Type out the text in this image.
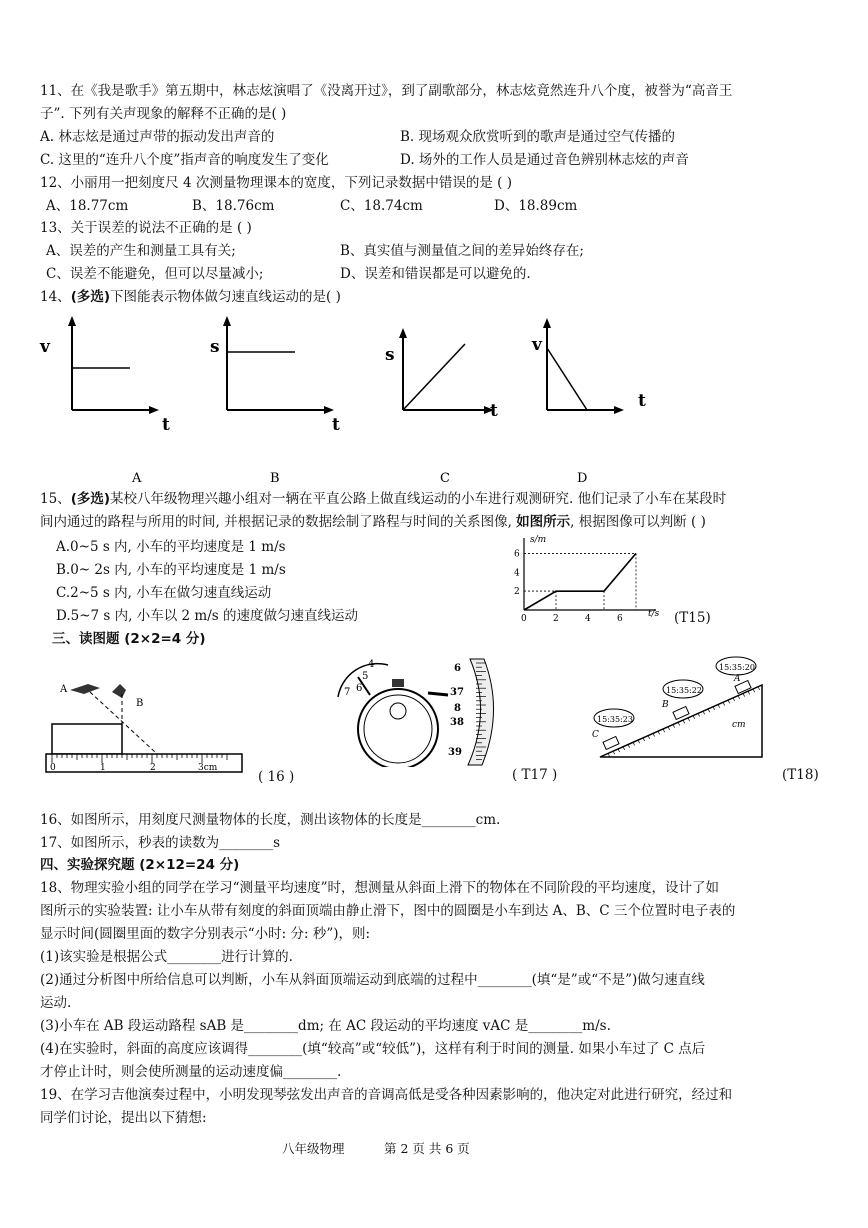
11、在《我是歌手》第五期中，林志炫演唱了《没离开过》，到了副歌部分，林志炫竟然连升八个度，被誉为“高音王
子”. 下列有关声现象的解释不正确的是( )
A. 林志炫是通过声带的振动发出声音的	B. 现场观众欣赏听到的歌声是通过空气传播的
C. 这里的“连升八个度”指声音的响度发生了变化	D. 场外的工作人员是通过音色辨别林志炫的声音
12、小丽用一把刻度尺 4 次测量物理课本的宽度，下列记录数据中错误的是 ( )
A、18.77cm	B、18.76cm	C、18.74cm	D、18.89cm
13、关于误差的说法不正确的是 ( )
A、误差的产生和测量工具有关;	B、真实值与测量值之间的差异始终存在;
C、误差不能避免，但可以尽量减小;	D、误差和错误都是可以避免的.
14、(多选)下图能表示物体做匀速直线运动的是( )
v
t
s
t
s
t
v
t
A	B	C	D
15、(多选)某校八年级物理兴趣小组对一辆在平直公路上做直线运动的小车进行观测研究. 他们记录了小车在某段时
间内通过的路程与所用的时间, 并根据记录的数据绘制了路程与时间的关系图像, 如图所示, 根据图像可以判断 ( )
A.0~5 s 内, 小车的平均速度是 1 m/s
B.0~ 2s 内, 小车的平均速度是 1 m/s
C.2~5 s 内, 小车在做匀速直线运动
D.5~7 s 内, 小车以 2 m/s 的速度做匀速直线运动
s/m
t/s
0	2	4	6
2
4
6
(T15)
三、读图题 (2×2=4 分)
A
B
0	1	2	3cm
( 16 )
4
5
6
7
6
37
8
38
39
( T17 )
15:35:20
15:35:22
15:35:23
A
B
C
cm
(T18)
16、如图所示，用刻度尺测量物体的长度，测出该物体的长度是________cm.
17、如图所示，秒表的读数为________s
四、实验探究题 (2×12=24 分)
18、物理实验小组的同学在学习“测量平均速度”时，想测量从斜面上滑下的物体在不同阶段的平均速度，设计了如
图所示的实验装置: 让小车从带有刻度的斜面顶端由静止滑下，图中的圆圈是小车到达 A、B、C 三个位置时电子表的
显示时间(圆圈里面的数字分别表示“小时: 分: 秒”)，则:
(1)该实验是根据公式________进行计算的.
(2)通过分析图中所给信息可以判断，小车从斜面顶端运动到底端的过程中________(填“是”或“不是”)做匀速直线
运动.
(3)小车在 AB 段运动路程 sAB 是________dm; 在 AC 段运动的平均速度 vAC 是________m/s.
(4)在实验时，斜面的高度应该调得________(填“较高”或“较低”)，这样有利于时间的测量. 如果小车过了 C 点后
才停止计时，则会使所测量的运动速度偏________.
19、在学习吉他演奏过程中，小明发现琴弦发出声音的音调高低是受各种因素影响的，他决定对此进行研究，经过和
同学们讨论，提出以下猜想:
八年级物理	第 2 页 共 6 页
